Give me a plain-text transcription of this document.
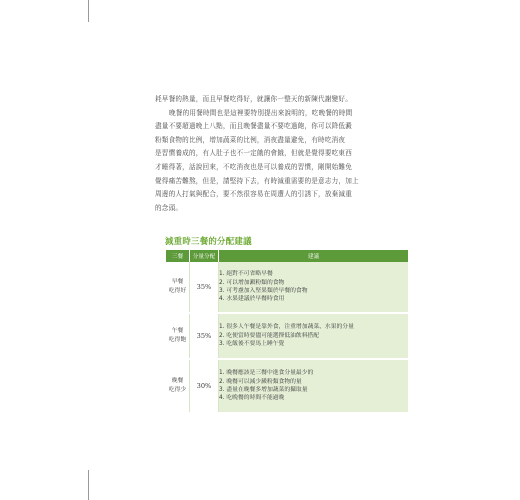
耗早餐的熱量，而且早餐吃得好，就讓你一整天的新陳代謝變好。
晚餐的用餐時間也是這裡要特別提出來說明的，吃晚餐的時間
盡量不要超過晚上八點，而且晚餐盡量不要吃過飽，你可以降低澱
粉類食物的比例，增加蔬菜的比例，消夜盡量避免，有時吃消夜
是習慣養成的，有人肚子也不一定餓的會餓，但就是覺得要吃東西
才睡得著，話說回來，不吃消夜也是可以養成的習慣，剛開始難免
覺得痛苦難熬，但是，請堅持下去，有時減重需要的是意志力，加上
周邊的人打氣與配合，要不然很容易在周遭人的引誘下，放棄減重
的念頭。
減重時三餐的分配建議
三餐	分量分配	建議
早餐
吃得好	35%	1. 絕對不可省略早餐
2. 可以增加澱粉類的食物
3. 可考慮加入堅果類於早餐的食物
4. 水果建議於早餐時食用

午餐
吃得飽	35%	1. 很多人午餐是靠外食，注重增加蔬菜、水果的分量
2. 吃便當時要儘可能選擇低油飲料搭配
3. 吃飯後不要馬上睡午覺

晚餐
吃得少	30%	1. 晚餐應該是三餐中進食分量最少的
2. 晚餐可以減少澱粉類食物的量
3. 盡量在晚餐多增加蔬菜的攝取量
4. 吃晚餐的時間不能過晚
